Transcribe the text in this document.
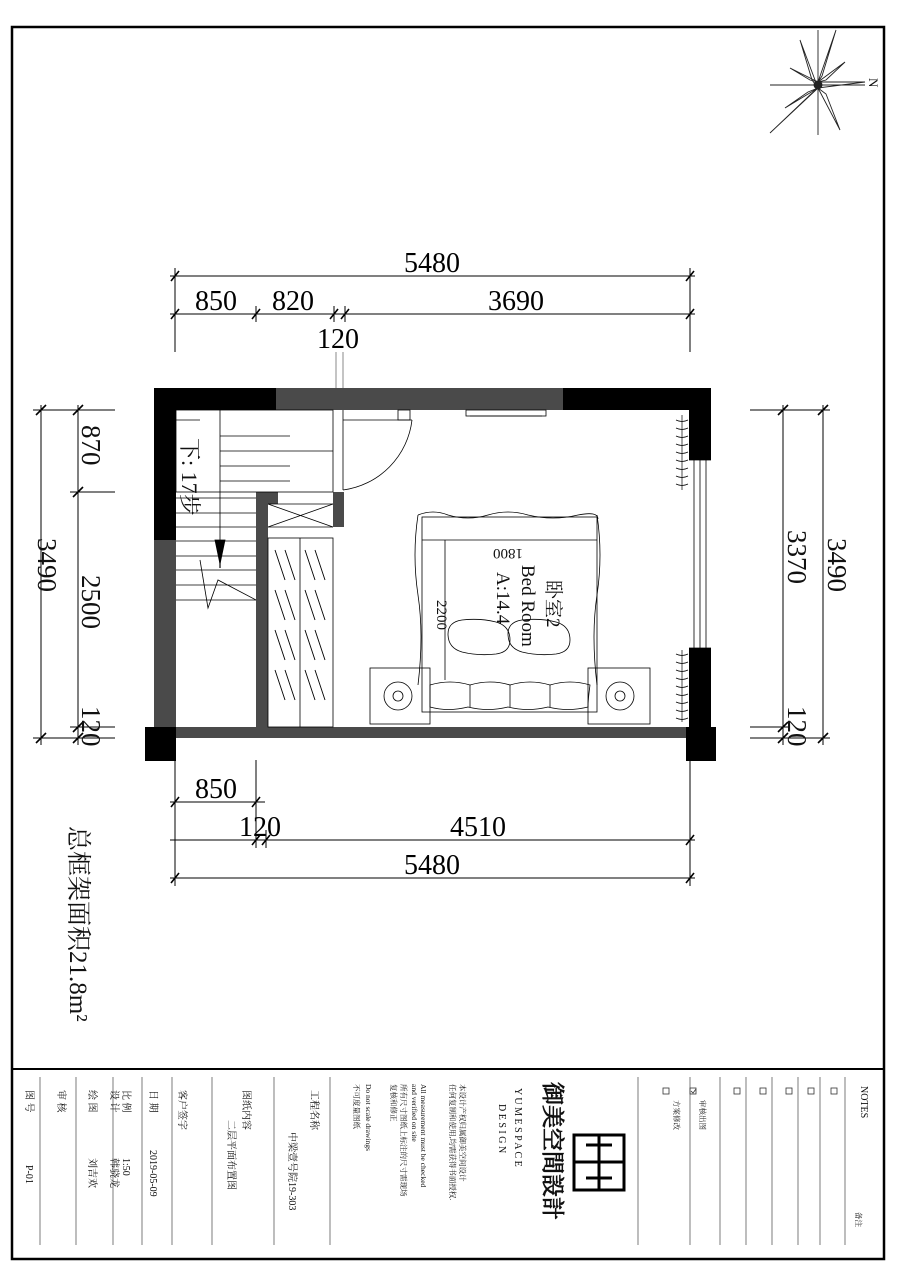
5480
850 820	3690
120
850
120	4510
5480
3490
870
2500
120
3490
3370
120
下: 17步
1800
2200	卧室2
Bed Room
A:14.4
总框架面积21.8m²
N
NOTES
备注
审核出图
方案修改
御美空間設計
Y U M E S P A C E
D E S I G N
本设计产权归属御美空间设计
任何复制和使用,均需获得书面授权.
All measurement must be checked
and verified on site
所有尺寸图纸上标注的尺寸需现场
复核和修正
Do not scale drawings
不可度量图纸
工程名称
中梁壹号院19-303
图纸内容
二层平面布置图
客户签字
日 期
2019-05-09
比 例
1:50
设 计
韩骁龙
绘 图
刘吉欢
审 核
图 号
P-01
